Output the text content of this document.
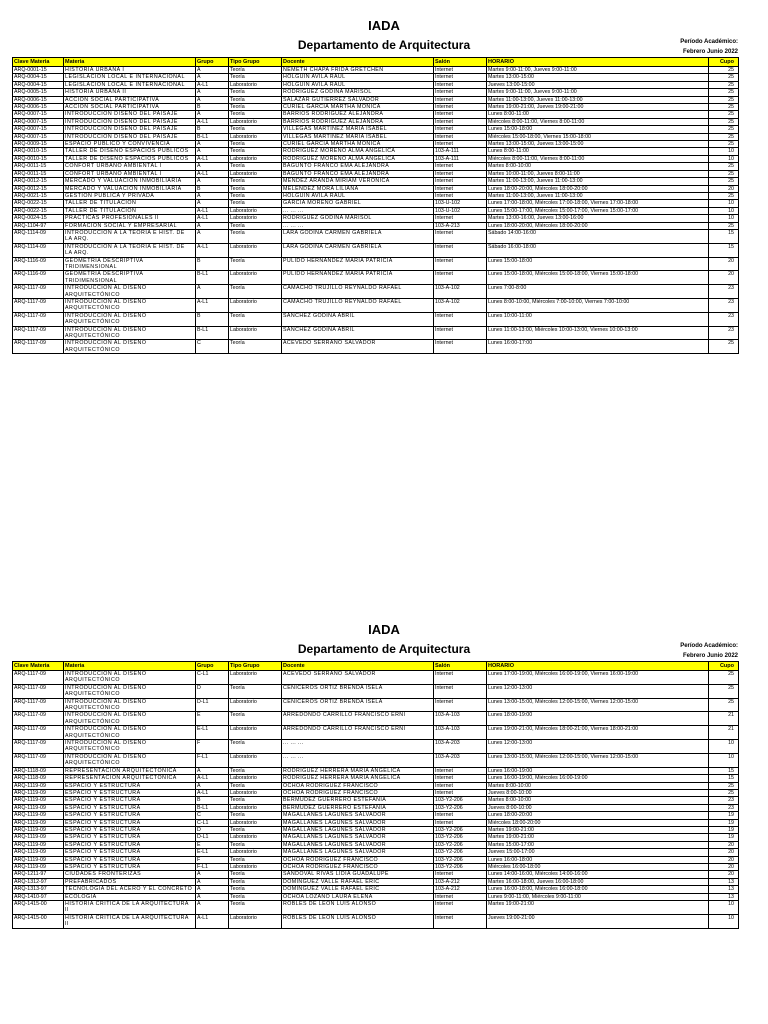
IADA
Departamento de Arquitectura	Período Académico:
Febrero Junio 2022
Clave Materia	Materia	Grupo	Tipo Grupo	Docente	Salón	HORARIO	Cupo
ARQ-0001-15	HISTORIA URBANA I	A	Teoría	NEMETH CHAPA FRIDA GRETCHEN	Internet	Martes 9:00-11:00, Jueves 9:00-11:00	25
ARQ-0004-15	LEGISLACIÓN LOCAL E INTERNACIONAL	A	Teoría	HOLGUIN AVILA RAUL	Internet	Martes 13:00-15:00	25
ARQ-0004-15	LEGISLACIÓN LOCAL E INTERNACIONAL	A-L1	Laboratorio	HOLGUIN AVILA RAUL	Internet	Jueves 13:00-15:00	25
ARQ-0005-15	HISTORIA URBANA II	A	Teoría	RODRIGUEZ GODINA MARISOL	Internet	Martes 9:00-11:00, Jueves 9:00-11:00	25
ARQ-0006-15	ACCIÓN SOCIAL PARTICIPATIVA	A	Teoría	SALAZAR GUTIERREZ SALVADOR	Internet	Martes 11:00-13:00, Jueves 11:00-13:00	25
ARQ-0006-15	ACCIÓN SOCIAL PARTICIPATIVA	B	Teoría	CURIEL GARCIA MARTHA MONICA	Internet	Martes 19:00-21:00, Jueves 19:00-21:00	25
ARQ-0007-15	INTRODUCCION DISEÑO DEL PAISAJE	A	Teoría	BARRIOS RODRIGUEZ ALEJANDRA	Internet	Lunes 8:00-11:00	25
ARQ-0007-15	INTRODUCCION DISEÑO DEL PAISAJE	A-L1	Laboratorio	BARRIOS RODRIGUEZ ALEJANDRA	Internet	Miércoles 8:00-11:00, Viernes 8:00-11:00	25
ARQ-0007-15	INTRODUCCION DISEÑO DEL PAISAJE	B	Teoría	VILLEGAS MARTINEZ MARIA ISABEL	Internet	Lunes 15:00-18:00	25
ARQ-0007-15	INTRODUCCION DISEÑO DEL PAISAJE	B-L1	Laboratorio	VILLEGAS MARTINEZ MARIA ISABEL	Internet	Miércoles 15:00-18:00, Viernes 15:00-18:00	25
ARQ-0009-15	ESPACIO PUBLICO Y CONVIVENCIA	A	Teoría	CURIEL GARCIA MARTHA MONICA	Internet	Martes 13:00-15:00, Jueves 13:00-15:00	25
ARQ-0010-15	TALLER DE DISEÑO ESPACIOS PUBLICOS	A	Teoría	RODRIGUEZ MORENO ALMA ANGELICA	103-A-111	Lunes 8:00-11:00	10
ARQ-0010-15	TALLER DE DISEÑO ESPACIOS PUBLICOS	A-L1	Laboratorio	RODRIGUEZ MORENO ALMA ANGELICA	103-A-111	Miércoles 8:00-11:00, Viernes 8:00-11:00	10
ARQ-0011-15	CONFORT URBANO AMBIENTAL I	A	Teoría	BAGUNTO FRANCO EMA ALEJANDRA	Internet	Martes 8:00-10:00	25
ARQ-0011-15	CONFORT URBANO AMBIENTAL I	A-L1	Laboratorio	BAGUNTO FRANCO EMA ALEJANDRA	Internet	Martes 10:00-11:00, Jueves 8:00-11:00	25
ARQ-0012-15	MERCADO Y VALUACIÓN INMOBILIARIA	A	Teoría	MENDEZ ARANDA MIRIAM VERONICA	Internet	Martes 11:00-13:00, Jueves 11:00-13:00	25
ARQ-0012-15	MERCADO Y VALUACIÓN INMOBILIARIA	B	Teoría	MELENDEZ MORA LILIANA	Internet	Lunes 18:00-20:00, Miércoles 18:00-20:00	20
ARQ-0021-15	GESTIÓN PUBLICA Y PRIVADA	A	Teoría	HOLGUIN AVILA RAUL	Internet	Martes 11:00-13:00, Jueves 11:00-13:00	25
ARQ-0022-15	TALLER DE TITULACIÓN	A	Teoría	GARCIA MORENO GABRIEL	103-U-102	Lunes 17:00-18:00, Miércoles 17:00-18:00, Viernes 17:00-18:00	10
ARQ-0022-15	TALLER DE TITULACIÓN	A-L1	Laboratorio	... ... ...	103-U-102	Lunes 15:00-17:00, Miércoles 15:00-17:00, Viernes 15:00-17:00	10
ARQ-0024-15	PRACTICAS PROFESIONALES II	A-L1	Laboratorio	RODRIGUEZ GODINA MARISOL	Internet	Martes 13:00-16:00, Jueves 13:00-16:00	10
ARQ-1104-97	FORMACIÓN SOCIAL Y EMPRESARIAL	A	Teoría	... ... ...	103-A-213	Lunes 18:00-20:00, Miércoles 18:00-20:00	25
ARQ-1114-09	INTRODUCCIÓN A LA TEORÍA E HIST. DE LA ARQ.	A	Teoría	LARA GODINA CARMEN GABRIELA	Internet	Sábado 14:00-16:00	15
ARQ-1114-09	INTRODUCCIÓN A LA TEORÍA E HIST. DE LA ARQ.	A-L1	Laboratorio	LARA GODINA CARMEN GABRIELA	Internet	Sábado 16:00-18:00	15
ARQ-1116-09	GEOMETRIA DESCRIPTIVA TRIDIMENSIONAL	B	Teoría	PULIDO HERNANDEZ MARIA PATRICIA	Internet	Lunes 15:00-18:00	20
ARQ-1116-09	GEOMETRIA DESCRIPTIVA TRIDIMENSIONAL	B-L1	Laboratorio	PULIDO HERNANDEZ MARIA PATRICIA	Internet	Lunes 15:00-18:00, Miércoles 15:00-18:00, Viernes 15:00-18:00	20
ARQ-1117-09	INTRODUCCIÓN AL DISEÑO ARQUITECTÓNICO	A	Teoría	CAMACHO TRUJILLO REYNALDO RAFAEL	103-A-102	Lunes 7:00-8:00	23
ARQ-1117-09	INTRODUCCIÓN AL DISEÑO ARQUITECTÓNICO	A-L1	Laboratorio	CAMACHO TRUJILLO REYNALDO RAFAEL	103-A-102	Lunes 8:00-10:00, Miércoles 7:00-10:00, Viernes 7:00-10:00	23
ARQ-1117-09	INTRODUCCIÓN AL DISEÑO ARQUITECTÓNICO	B	Teoría	SANCHEZ GODINA ABRIL	Internet	Lunes 10:00-11:00	23
ARQ-1117-09	INTRODUCCIÓN AL DISEÑO ARQUITECTÓNICO	B-L1	Laboratorio	SANCHEZ GODINA ABRIL	Internet	Lunes 11:00-13:00, Miércoles 10:00-13:00, Viernes 10:00-13:00	23
ARQ-1117-09	INTRODUCCIÓN AL DISEÑO ARQUITECTÓNICO	C	Teoría	ACEVEDO SERRANO SALVADOR	Internet	Lunes 16:00-17:00	25
IADA
Departamento de Arquitectura	Período Académico:
Febrero Junio 2022
Clave Materia	Materia	Grupo	Tipo Grupo	Docente	Salón	HORARIO	Cupo
ARQ-1117-09	INTRODUCCIÓN AL DISEÑO ARQUITECTÓNICO	C-L1	Laboratorio	ACEVEDO SERRANO SALVADOR	Internet	Lunes 17:00-19:00, Miércoles 16:00-19:00, Viernes 16:00-19:00	25
ARQ-1117-09	INTRODUCCIÓN AL DISEÑO ARQUITECTÓNICO	D	Teoría	CENICEROS ORTIZ BRENDA ISELA	Internet	Lunes 12:00-13:00	25
ARQ-1117-09	INTRODUCCIÓN AL DISEÑO ARQUITECTÓNICO	D-L1	Laboratorio	CENICEROS ORTIZ BRENDA ISELA	Internet	Lunes 13:00-15:00, Miércoles 12:00-15:00, Viernes 12:00-15:00	25
ARQ-1117-09	INTRODUCCIÓN AL DISEÑO ARQUITECTÓNICO	E	Teoría	ARREDONDO CARRILLO FRANCISCO ERNI	103-A-103	Lunes 18:00-19:00	21
ARQ-1117-09	INTRODUCCIÓN AL DISEÑO ARQUITECTÓNICO	E-L1	Laboratorio	ARREDONDO CARRILLO FRANCISCO ERNI	103-A-103	Lunes 19:00-21:00, Miércoles 18:00-21:00, Viernes 18:00-21:00	21
ARQ-1117-09	INTRODUCCIÓN AL DISEÑO ARQUITECTÓNICO	F	Teoría	... ... ...	103-A-203	Lunes 12:00-13:00	10
ARQ-1117-09	INTRODUCCIÓN AL DISEÑO ARQUITECTÓNICO	F-L1	Laboratorio	... ... ...	103-A-203	Lunes 13:00-15:00, Miércoles 12:00-15:00, Viernes 12:00-15:00	10
ARQ-1118-09	REPRESENTACIÓN ARQUITECTÓNICA	A	Teoría	RODRIGUEZ HERRERA MARIA ANGELICA	Internet	Lunes 16:00-19:00	15
ARQ-1118-09	REPRESENTACIÓN ARQUITECTÓNICA	A-L1	Laboratorio	RODRIGUEZ HERRERA MARIA ANGELICA	Internet	Lunes 16:00-19:00, Miércoles 16:00-19:00	15
ARQ-1119-09	ESPACIO Y ESTRUCTURA	A	Teoría	OCHOA RODRIGUEZ FRANCISCO	Internet	Martes 8:00-10:00	25
ARQ-1119-09	ESPACIO Y ESTRUCTURA	A-L1	Laboratorio	OCHOA RODRIGUEZ FRANCISCO	Internet	Jueves 8:00-10:00	25
ARQ-1119-09	ESPACIO Y ESTRUCTURA	B	Teoría	BERMUDEZ GUERRERO ESTEFANIA	103-Y2-206	Martes 8:00-10:00	23
ARQ-1119-09	ESPACIO Y ESTRUCTURA	B-L1	Laboratorio	BERMUDEZ GUERRERO ESTEFANIA	103-Y2-206	Jueves 8:00-10:00	23
ARQ-1119-09	ESPACIO Y ESTRUCTURA	C	Teoría	MAGALLANES LAGUNES SALVADOR	Internet	Lunes 18:00-20:00	19
ARQ-1119-09	ESPACIO Y ESTRUCTURA	C-L1	Laboratorio	MAGALLANES LAGUNES SALVADOR	Internet	Miércoles 18:00-20:00	19
ARQ-1119-09	ESPACIO Y ESTRUCTURA	D	Teoría	MAGALLANES LAGUNES SALVADOR	103-Y2-206	Martes 19:00-21:00	19
ARQ-1119-09	ESPACIO Y ESTRUCTURA	D-L1	Laboratorio	MAGALLANES LAGUNES SALVADOR	103-Y2-206	Martes 19:00-21:00	19
ARQ-1119-09	ESPACIO Y ESTRUCTURA	E	Teoría	MAGALLANES LAGUNES SALVADOR	103-Y2-206	Martes 15:00-17:00	20
ARQ-1119-09	ESPACIO Y ESTRUCTURA	E-L1	Laboratorio	MAGALLANES LAGUNES SALVADOR	103-Y2-206	Jueves 15:00-17:00	20
ARQ-1119-09	ESPACIO Y ESTRUCTURA	F	Teoría	OCHOA RODRIGUEZ FRANCISCO	103-Y2-206	Lunes 16:00-18:00	20
ARQ-1119-09	ESPACIO Y ESTRUCTURA	F-L1	Laboratorio	OCHOA RODRIGUEZ FRANCISCO	103-Y2-206	Miércoles 16:00-18:00	20
ARQ-1211-97	CIUDADES FRONTERIZAS	A	Teoría	SANDOVAL RIVAS LIDIA GUADALUPE	Internet	Lunes 14:00-16:00, Miércoles 14:00-16:00	20
ARQ-1312-97	PREFABRICADOS	A	Teoría	DOMINGUEZ VALLE RAFAEL ERIC	103-A-212	Martes 16:00-18:00, Jueves 16:00-18:00	13
ARQ-1313-97	TECNOLOGIA DEL ACERO Y EL CONCRETO	A	Teoría	DOMINGUEZ VALLE RAFAEL ERIC	103-A-212	Lunes 16:00-18:00, Miércoles 16:00-18:00	13
ARQ-1410-97	ECOLOGIA	A	Teoría	OCHOA LOZANO LAURA ELENA	Internet	Lunes 9:00-11:00, Miércoles 9:00-11:00	13
ARQ-1415-00	HISTORIA CRITICA DE LA ARQUITECTURA II	A	Teoría	ROBLES DE LEON LUIS ALONSO	Internet	Martes 19:00-21:00	10
ARQ-1415-00	HISTORIA CRITICA DE LA ARQUITECTURA II	A-L1	Laboratorio	ROBLES DE LEON LUIS ALONSO	Internet	Jueves 19:00-21:00	10
